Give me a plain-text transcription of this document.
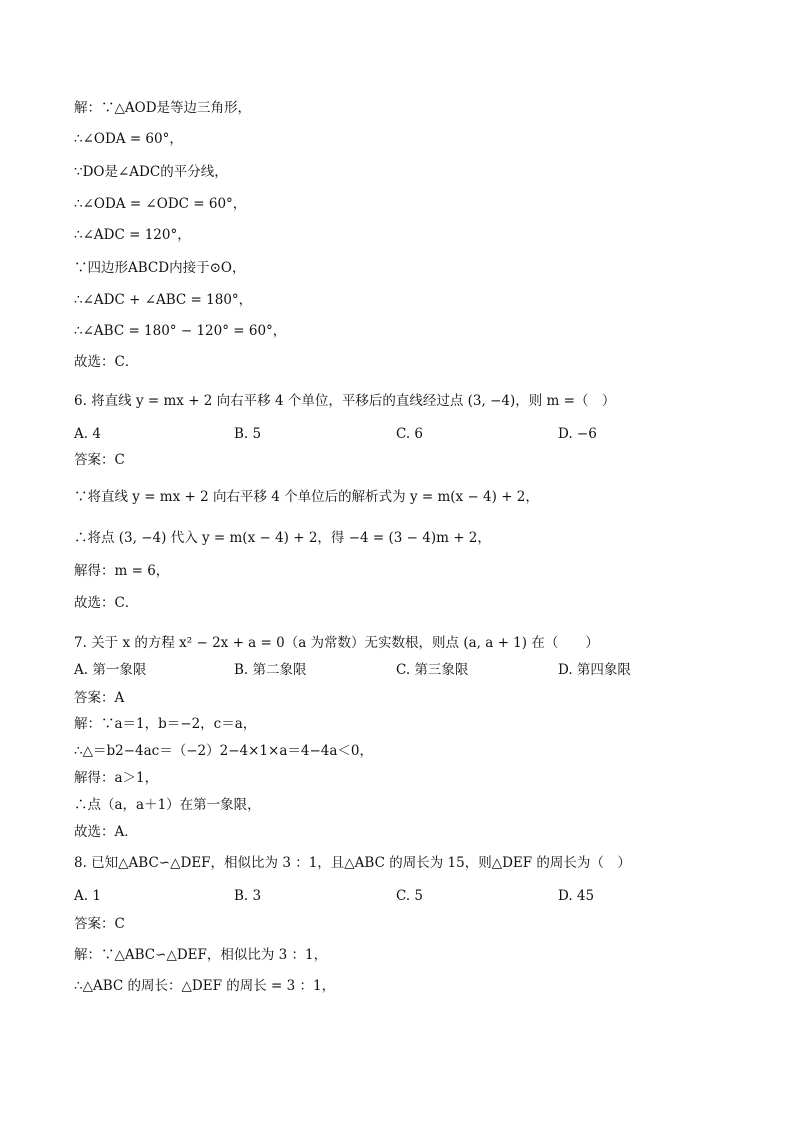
解：∵△AOD是等边三角形，
∴∠ODA = 60°，
∵DO是∠ADC的平分线，
∴∠ODA = ∠ODC = 60°，
∴∠ADC = 120°，
∵四边形ABCD内接于⊙O，
∴∠ADC + ∠ABC = 180°，
∴∠ABC = 180° − 120° = 60°，
故选：C．
6. 将直线 y = mx + 2 向右平移 4 个单位，平移后的直线经过点 (3, −4)，则 m =（　）
A. 4	B. 5	C. 6	D. −6
答案：C
∵将直线 y = mx + 2 向右平移 4 个单位后的解析式为 y = m(x − 4) + 2，
∴将点 (3, −4) 代入 y = m(x − 4) + 2，得 −4 = (3 − 4)m + 2，
解得：m = 6，
故选：C．
7. 关于 x 的方程 x² − 2x + a = 0（a 为常数）无实数根，则点 (a, a + 1) 在（　　）
A. 第一象限	B. 第二象限	C. 第三象限	D. 第四象限
答案：A
解：∵a＝1，b＝−2，c＝a，
∴△＝b2−4ac＝（−2）2−4×1×a＝4−4a＜0，
解得：a＞1，
∴点（a，a＋1）在第一象限，
故选：A．
8. 已知△ABC∽△DEF，相似比为 3 ：1，且△ABC 的周长为 15，则△DEF 的周长为（　）
A. 1	B. 3	C. 5	D. 45
答案：C
解：∵△ABC∽△DEF，相似比为 3 ：1，
∴△ABC 的周长：△DEF 的周长 = 3 ：1，
